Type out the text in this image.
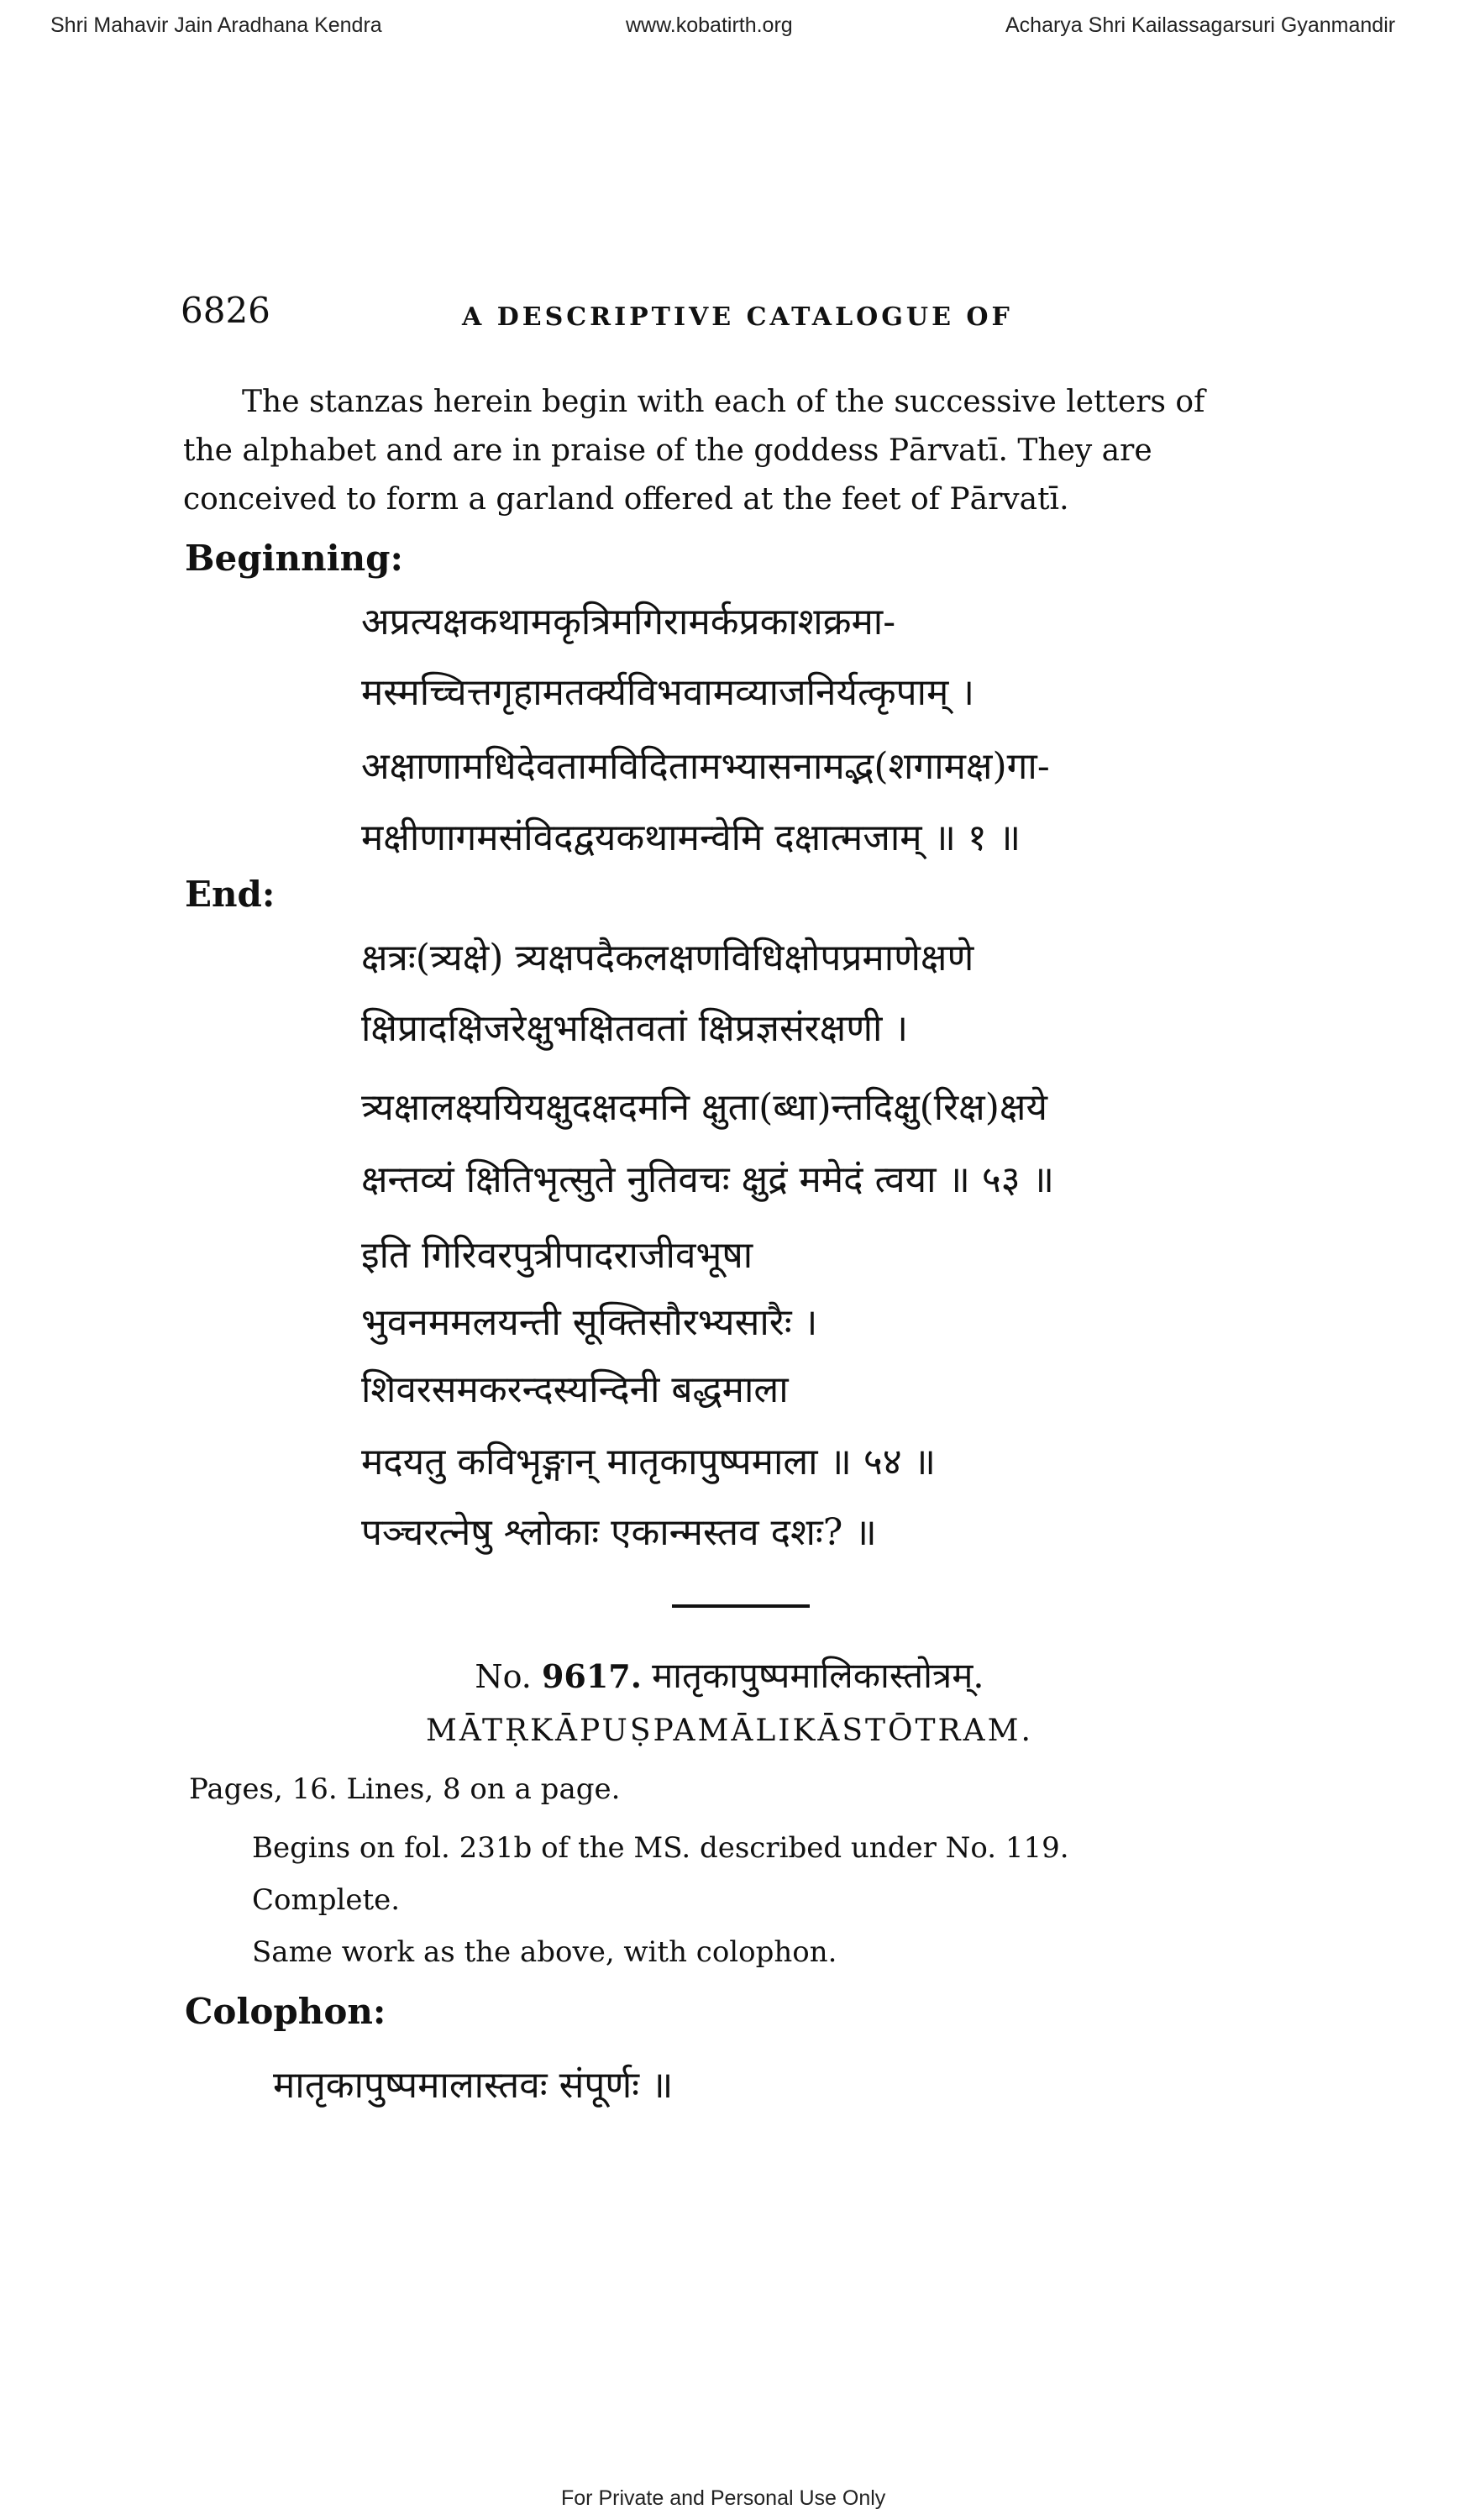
Shri Mahavir Jain Aradhana Kendra	www.kobatirth.org	Acharya Shri Kailassagarsuri Gyanmandir
6826	A DESCRIPTIVE CATALOGUE OF

The stanzas herein begin with each of the successive letters of

the alphabet and are in praise of the goddess Pārvatī. They are

conceived to form a garland offered at the feet of Pārvatī.

Beginning:
अप्रत्यक्षकथामकृत्रिमगिरामर्कप्रकाशक्रमा-
मस्मच्चित्तगृहामतर्क्यविभवामव्याजनिर्यत्कृपाम् ।
अक्षाणामधिदेवतामविदितामभ्यासनामद्भ(शगामक्ष)गा-
मक्षीणागमसंविदद्वयकथामन्वेमि दक्षात्मजाम् ॥ १ ॥
End:
क्षत्रः(त्र्यक्षे) त्र्यक्षपदैकलक्षणविधिक्षोपप्रमाणेक्षणे
क्षिप्रादक्षिजरेक्षुभक्षितवतां क्षिप्रज्ञसंरक्षणी ।
त्र्यक्षालक्ष्ययियक्षुदक्षदमनि क्षुता(ब्धा)न्तदिक्षु(रिक्ष)क्षये
क्षन्तव्यं क्षितिभृत्सुते नुतिवचः क्षुद्रं ममेदं त्वया ॥ ५३ ॥
इति गिरिवरपुत्रीपादराजीवभूषा
भुवनममलयन्ती सूक्तिसौरभ्यसारैः ।
शिवरसमकरन्दस्यन्दिनी बद्धमाला
मदयतु कविभृङ्गान् मातृकापुष्पमाला ॥ ५४ ॥
पञ्चरत्नेषु श्लोकाः एकान्मस्तव दशः? ॥
No. 9617. मातृकापुष्पमालिकास्तोत्रम्.
MĀTṚKĀPUṢPAMĀLIKĀSTŌTRAM.
Pages, 16. Lines, 8 on a page.
Begins on fol. 231b of the MS. described under No. 119.
Complete.
Same work as the above, with colophon.
Colophon:
मातृकापुष्पमालास्तवः संपूर्णः ॥
For Private and Personal Use Only
